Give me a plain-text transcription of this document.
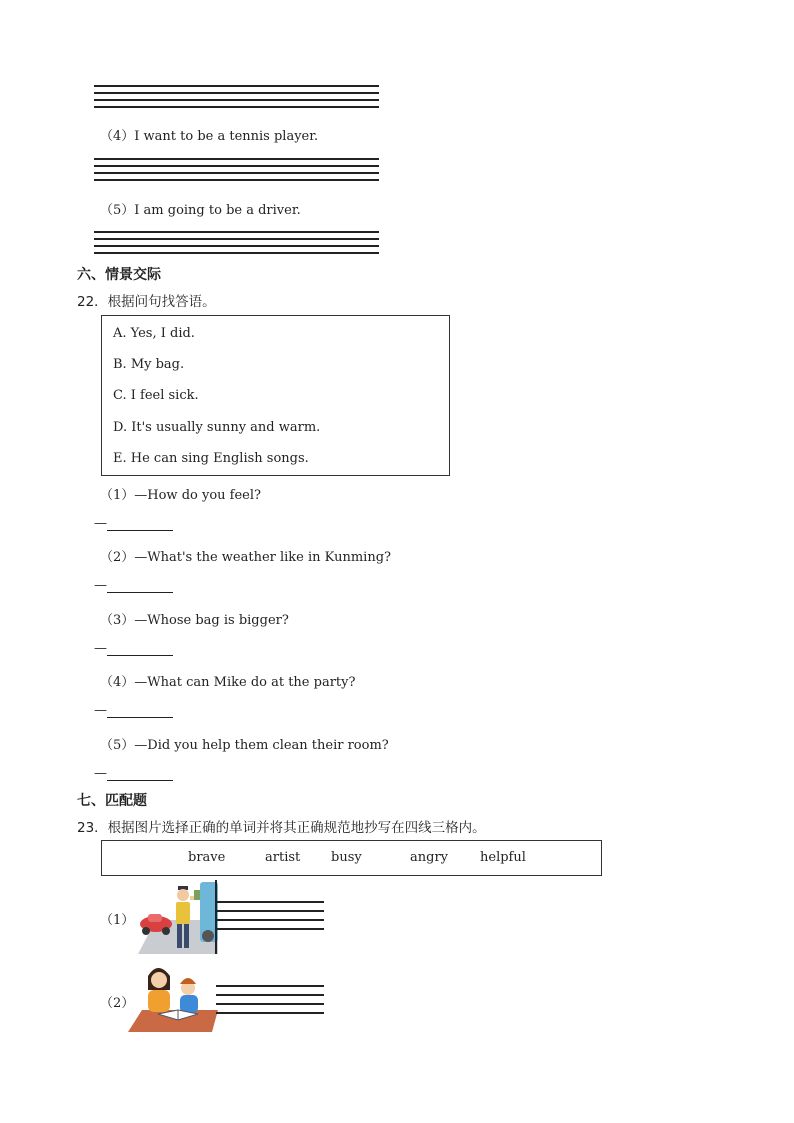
（4）I want to be a tennis player.
（5）I am going to be a driver.
六、情景交际
22．根据问句找答语。
A. Yes, I did.
B. My bag.
C. I feel sick.
D. It's usually sunny and warm.
E. He can sing English songs.
（1）—How do you feel?
—
（2）—What's the weather like in Kunming?
—
（3）—Whose bag is bigger?
—
（4）—What can Mike do at the party?
—
（5）—Did you help them clean their room?
—
七、匹配题
23．根据图片选择正确的单词并将其正确规范地抄写在四线三格内。
brave	artist busy	angry helpful
（1）
（2）
